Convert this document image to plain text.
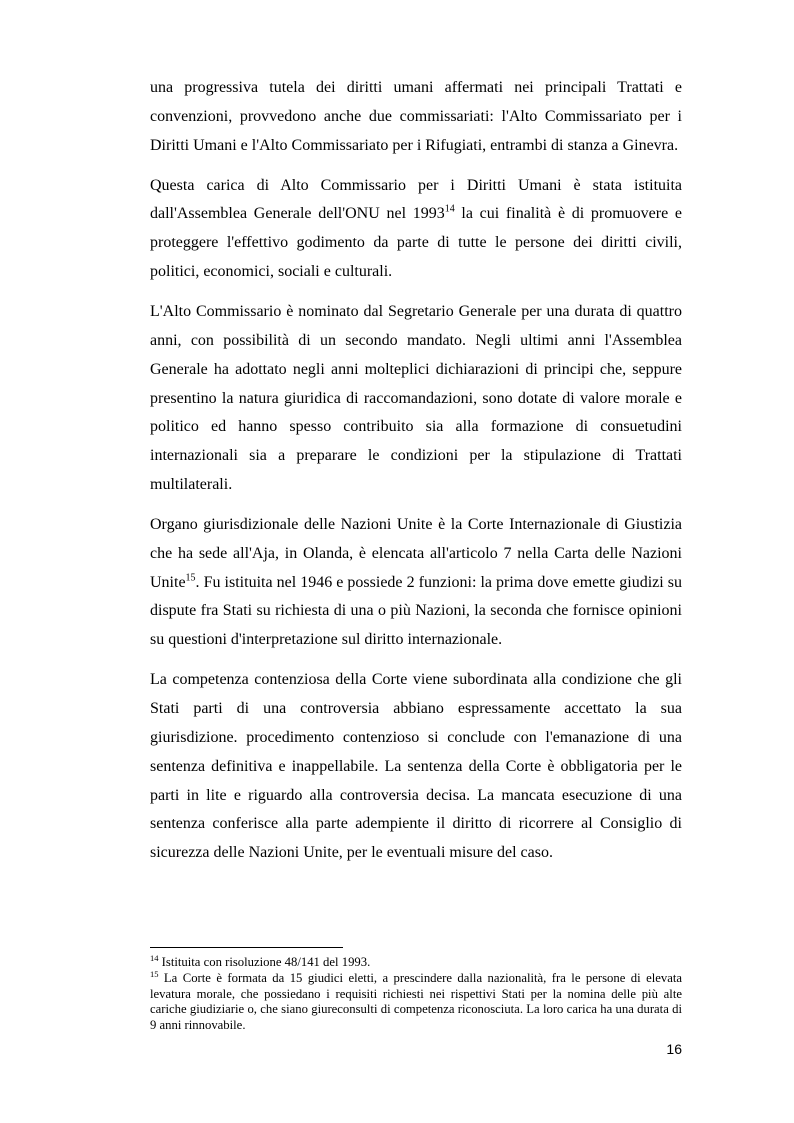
una progressiva tutela dei diritti umani affermati nei principali Trattati e convenzioni, provvedono anche due commissariati: l'Alto Commissariato per i Diritti Umani e l'Alto Commissariato per i Rifugiati, entrambi di stanza a Ginevra.

Questa carica di Alto Commissario per i Diritti Umani è stata istituita dall'Assemblea Generale dell'ONU nel 1993$^{14}$ la cui finalità è di promuovere e proteggere l'effettivo godimento da parte di tutte le persone dei diritti civili, politici, economici, sociali e culturali.

L'Alto Commissario è nominato dal Segretario Generale per una durata di quattro anni, con possibilità di un secondo mandato. Negli ultimi anni l'Assemblea Generale ha adottato negli anni molteplici dichiarazioni di principi che, seppure presentino la natura giuridica di raccomandazioni, sono dotate di valore morale e politico ed hanno spesso contribuito sia alla formazione di consuetudini internazionali sia a preparare le condizioni per la stipulazione di Trattati multilaterali.

Organo giurisdizionale delle Nazioni Unite è la Corte Internazionale di Giustizia che ha sede all'Aja, in Olanda, è elencata all'articolo 7 nella Carta delle Nazioni Unite$^{15}$. Fu istituita nel 1946 e possiede 2 funzioni: la prima dove emette giudizi su dispute fra Stati su richiesta di una o più Nazioni, la seconda che fornisce opinioni su questioni d'interpretazione sul diritto internazionale.

La competenza contenziosa della Corte viene subordinata alla condizione che gli Stati parti di una controversia abbiano espressamente accettato la sua giurisdizione. procedimento contenzioso si conclude con l'emanazione di una sentenza definitiva e inappellabile. La sentenza della Corte è obbligatoria per le parti in lite e riguardo alla controversia decisa. La mancata esecuzione di una sentenza conferisce alla parte adempiente il diritto di ricorrere al Consiglio di sicurezza delle Nazioni Unite, per le eventuali misure del caso.

$^{14}$ Istituita con risoluzione 48/141 del 1993.

$^{15}$ La Corte è formata da 15 giudici eletti, a prescindere dalla nazionalità, fra le persone di elevata levatura morale, che possiedano i requisiti richiesti nei rispettivi Stati per la nomina delle più alte cariche giudiziarie o, che siano giureconsulti di competenza riconosciuta. La loro carica ha una durata di 9 anni rinnovabile.

16
